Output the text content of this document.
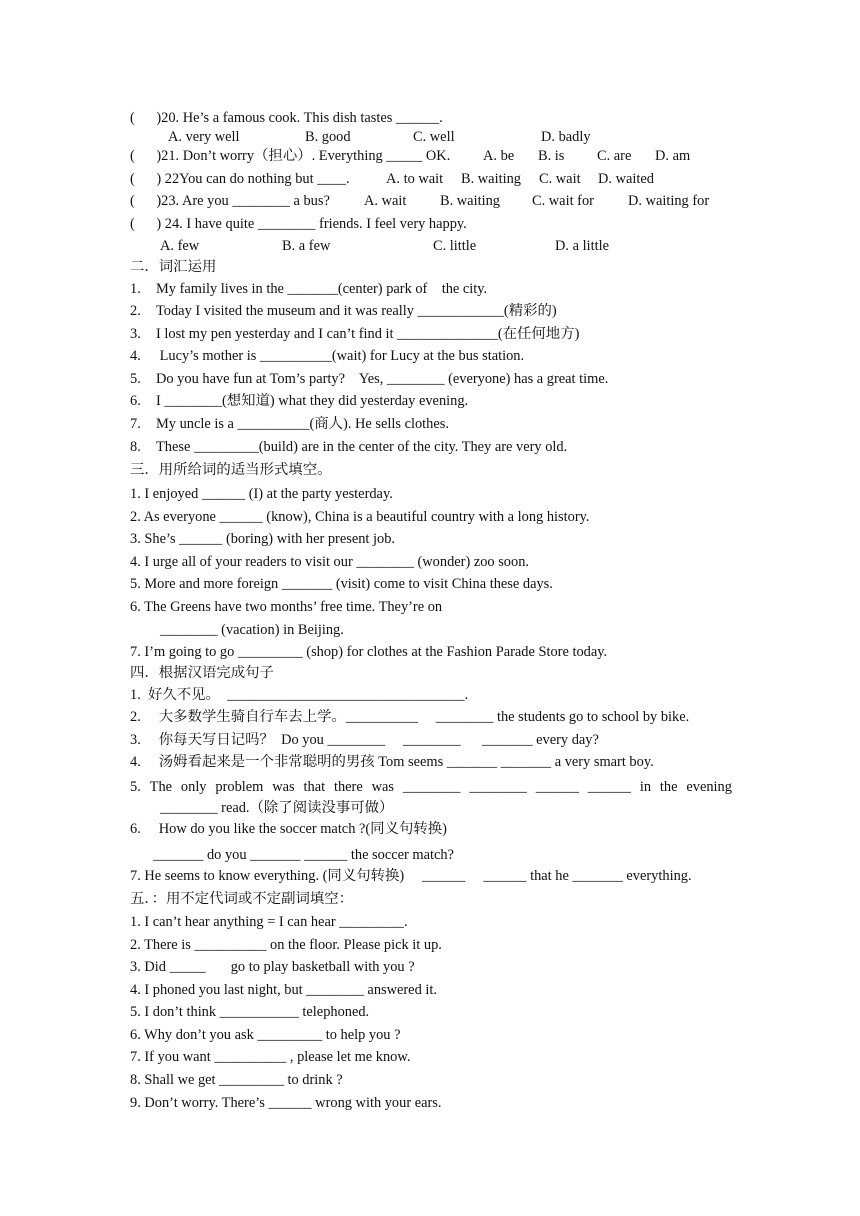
(      )20. He’s a famous cook. This dish tastes ______.
A. very well	B. good	C. well	D. badly
(      )21. Don’t worry（担心）. Everything _____ OK. A. be B. is C. are D. am
(      ) 22You can do nothing but ____.	A. to wait B. waiting C. wait D. waited
(      )23. Are you ________ a bus? A. wait B. waiting C. wait for D. waiting for
(      ) 24. I have quite ________ friends. I feel very happy.
A. few	B. a few	C. little	D. a little
二．词汇运用
1. My family lives in the _______(center) park of    the city.
2. Today I visited the museum and it was really ____________(精彩的)
3. I lost my pen yesterday and I can’t find it ______________(在任何地方)
4. Lucy’s mother is __________(wait) for Lucy at the bus station.
5. Do you have fun at Tom’s party?    Yes, ________ (everyone) has a great time.
6. I ________(想知道) what they did yesterday evening.
7. My uncle is a __________(商人). He sells clothes.
8. These _________(build) are in the center of the city. They are very old.
三．用所给词的适当形式填空。
1. I enjoyed ______ (I) at the party yesterday.
2. As everyone ______ (know), China is a beautiful country with a long history.
3. She’s ______ (boring) with her present job.
4. I urge all of your readers to visit our ________ (wonder) zoo soon.
5. More and more foreign _______ (visit) come to visit China these days.
6. The Greens have two months’ free time. They’re on
________ (vacation) in Beijing.
7. I’m going to go _________ (shop) for clothes at the Fashion Parade Store today.
四．根据汉语完成句子
1.  好久不见。  _________________________________.
2.     大多数学生骑自行车去上学。__________     ________ the students go to school by bike.
3.     你每天写日记吗？  Do you ________     ________      _______ every day?
4.     汤姆看起来是一个非常聪明的男孩 Tom seems _______ _______ a very smart boy.
5. The only problem was that there was ________ ________ ______ ______ in the evening
________ read.（除了阅读没事可做）
6.     How do you like the soccer match ?(同义句转换)
_______ do you _______ ______ the soccer match?
7. He seems to know everything. (同义句转换)     ______     ______ that he _______ everything.
五．：用不定代词或不定副词填空：
1. I can’t hear anything = I can hear _________.
2. There is __________ on the floor. Please pick it up.
3. Did _____       go to play basketball with you ?
4. I phoned you last night, but ________ answered it.
5. I don’t think ___________ telephoned.
6. Why don’t you ask _________ to help you ?
7. If you want __________ , please let me know.
8. Shall we get _________ to drink ?
9. Don’t worry. There’s ______ wrong with your ears.
